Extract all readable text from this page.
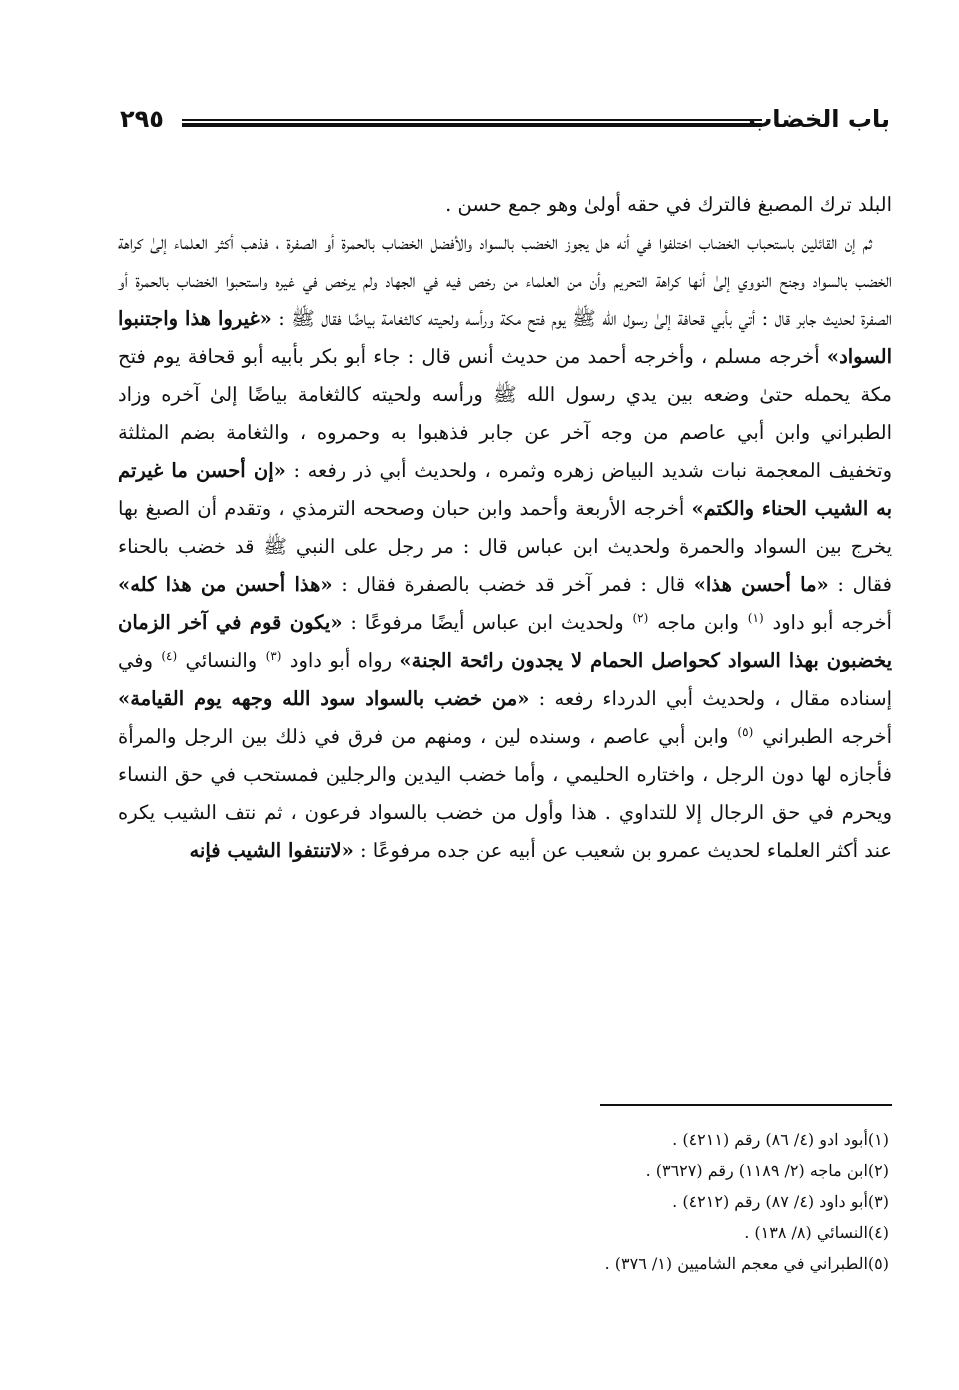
باب الخضاب
٢٩٥

البلد ترك المصبغ فالترك في حقه أولىٰ وهو جمع حسن .

ثم إن القائلين باستحباب الخضاب اختلفوا في أنه هل يجوز الخضب بالسواد والأفضل الخضاب بالحمرة أو الصفرة ، فذهب أكثر العلماء إلىٰ كراهة الخضب بالسواد وجنح النووي إلىٰ أنها كراهة التحريم وأن من العلماء من رخص فيه في الجهاد ولم يرخص في غيره واستحبوا الخضاب بالحمرة أو الصفرة لحديث جابر قال : أتي بأبي قحافة إلىٰ رسول الله ﷺ يوم فتح مكة ورأسه ولحيته كالثغامة بياضًا فقال ﷺ : «غيروا هذا واجتنبوا السواد» أخرجه مسلم ، وأخرجه أحمد من حديث أنس قال : جاء أبو بكر بأبيه أبو قحافة يوم فتح مكة يحمله حتىٰ وضعه بين يدي رسول الله ﷺ ورأسه ولحيته كالثغامة بياضًا إلىٰ آخره وزاد الطبراني وابن أبي عاصم من وجه آخر عن جابر فذهبوا به وحمروه ، والثغامة بضم المثلثة وتخفيف المعجمة نبات شديد البياض زهره وثمره ، ولحديث أبي ذر رفعه : «إن أحسن ما غيرتم به الشيب الحناء والكتم» أخرجه الأربعة وأحمد وابن حبان وصححه الترمذي ، وتقدم أن الصبغ بها يخرج بين السواد والحمرة ولحديث ابن عباس قال : مر رجل على النبي ﷺ قد خضب بالحناء فقال : «ما أحسن هذا» قال : فمر آخر قد خضب بالصفرة فقال : «هذا أحسن من هذا كله» أخرجه أبو داود $^{(١)}$ وابن ماجه $^{(٢)}$ ولحديث ابن عباس أيضًا مرفوعًا : «يكون قوم في آخر الزمان يخضبون بهذا السواد كحواصل الحمام لا يجدون رائحة الجنة» رواه أبو داود $^{(٣)}$ والنسائي $^{(٤)}$ وفي إسناده مقال ، ولحديث أبي الدرداء رفعه : «من خضب بالسواد سود الله وجهه يوم القيامة» أخرجه الطبراني $^{(٥)}$ وابن أبي عاصم ، وسنده لين ، ومنهم من فرق في ذلك بين الرجل والمرأة فأجازه لها دون الرجل ، واختاره الحليمي ، وأما خضب اليدين والرجلين فمستحب في حق النساء ويحرم في حق الرجال إلا للتداوي . هذا وأول من خضب بالسواد فرعون ، ثم نتف الشيب يكره عند أكثر العلماء لحديث عمرو بن شعيب عن أبيه عن جده مرفوعًا : «لاتنتفوا الشيب فإنه

(١)أبود ادو (٤/ ٨٦) رقم (٤٢١١) .
(٢)ابن ماجه (٢/ ١١٨٩) رقم (٣٦٢٧) .
(٣)أبو داود (٤/ ٨٧) رقم (٤٢١٢) .
(٤)النسائي (٨/ ١٣٨) .
(٥)الطبراني في معجم الشاميين (١/ ٣٧٦) .
